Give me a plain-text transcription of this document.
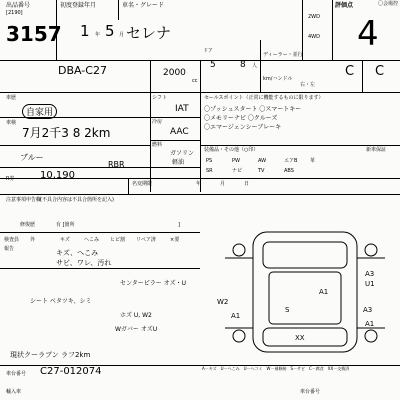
出品番号
[2190]
3157
初度登録年月
1 年 5 月
車名・グレード
セレナ
2WD
4WD
評価点
4
〇会場控
DBA-C27	2000
cc
ドア
5	8 人
ディーラー・並行
km/ハンドル
右・左
C C
車歴
自家用
シフト
IAT
冷房
AAC
車検
7月2千3 8 2km
燃料
ガソリン
軽油
ブルー
RBR
セールスポイント（正常に機能するものに限ります）
〇プッシュスタート 〇スマートキー
〇メモリーナビ 〇クルーズ
〇エマージェンシーブレーキ
装備品・その他（○印）	新車保証
PS	PW	AW	エアB	革
SR	ナビ	TV	ABS
R券	10,190
名変期限	年	月	日
注意事項申告欄
(不具合内容は不具合箇所を記入)
修復歴	有 [箇所	]
検査員
報告
外	キズ	へこみ ヒビ割 リペア済	×要
キズ、へこみ
サビ、ワレ、汚れ
センターピラー オズ・U
シート ベタツキ、シミ
ホズ U, W2
Wガバー オズU
現状クーラブン ラフ2km
車台番号 C27-012074
輸入車
A1
A3
U1
A3
W2
A1
A1
XX
S
A－キズ　U－へこみ　U－ヘコミ　W－補修跡　S－サビ　C－腐食　XX－交換済
車台番号
